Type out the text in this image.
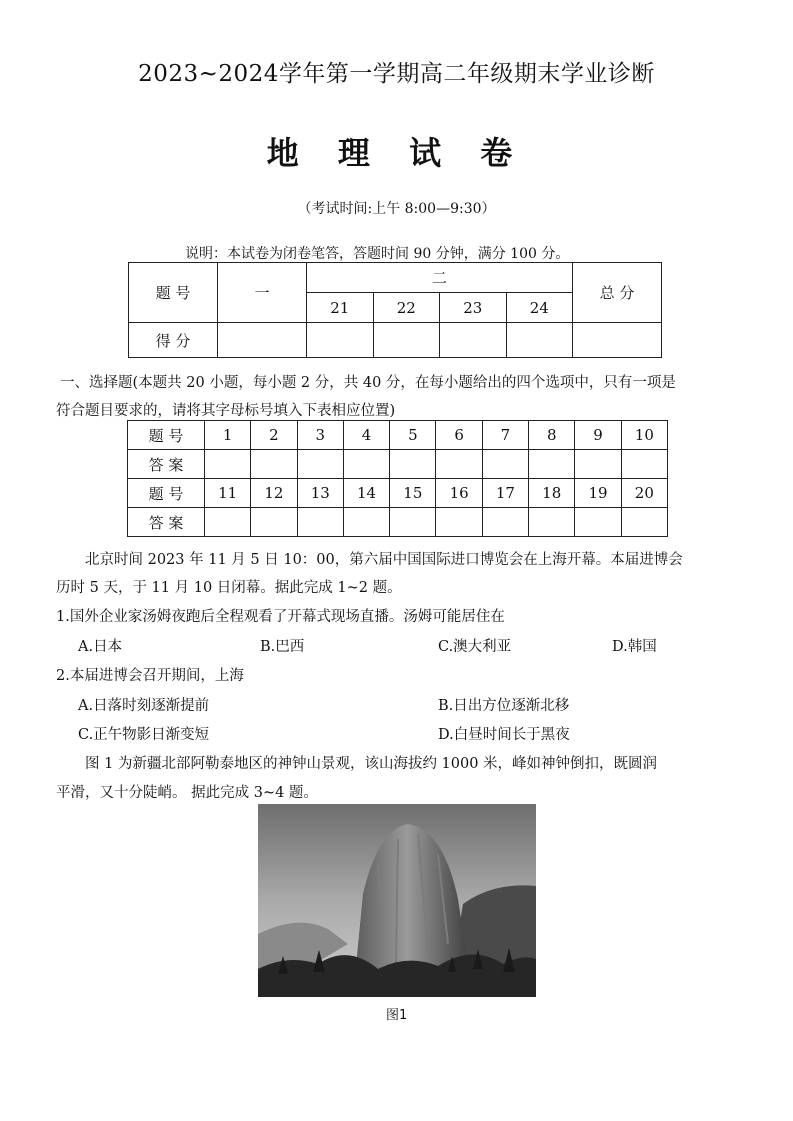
2023~2024学年第一学期高二年级期末学业诊断
地 理 试 卷
（考试时间:上午 8:00—9:30）
说明：本试卷为闭卷笔答，答题时间 90 分钟，满分 100 分。
题 号	一	二				总 分
		21	22	23	24	
得 分						
一、选择题(本题共 20 小题，每小题 2 分，共 40 分，在每小题给出的四个选项中，只有一项是
符合题目要求的，请将其字母标号填入下表相应位置)
题 号	1	2	3	4	5	6	7	8	9	10
答 案										
题 号	11	12	13	14	15	16	17	18	19	20
答 案										
北京时间 2023 年 11 月 5 日 10：00，第六届中国国际进口博览会在上海开幕。本届进博会
历时 5 天，于 11 月 10 日闭幕。据此完成 1~2 题。
1.国外企业家汤姆夜跑后全程观看了开幕式现场直播。汤姆可能居住在
A.日本	B.巴西	C.澳大利亚	D.韩国
2.本届进博会召开期间，上海
A.日落时刻逐渐提前	B.日出方位逐渐北移
C.正午物影日渐变短	D.白昼时间长于黑夜
图 1 为新疆北部阿勒泰地区的神钟山景观，该山海拔约 1000 米，峰如神钟倒扣，既圆润
平滑，又十分陡峭。 据此完成 3~4 题。
图1
